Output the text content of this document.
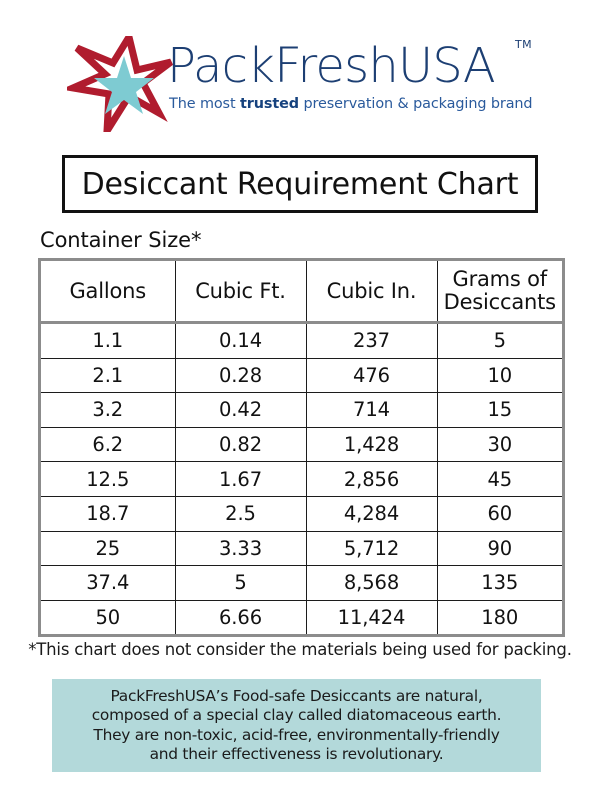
PackFreshUSA TM
The most trusted preservation & packaging brand
Desiccant Requirement Chart
Container Size*
Gallons	Cubic Ft.	Cubic In.	Grams of
Desiccants
1.1	0.14	237	5
2.1	0.28	476	10
3.2	0.42	714	15
6.2	0.82	1,428	30
12.5	1.67	2,856	45
18.7	2.5	4,284	60
25	3.33	5,712	90
37.4	5	8,568	135
50	6.66	11,424	180
*This chart does not consider the materials being used for packing.
PackFreshUSA’s Food-safe Desiccants are natural,
composed of a special clay called diatomaceous earth.
They are non-toxic, acid-free, environmentally-friendly
and their effectiveness is revolutionary.
